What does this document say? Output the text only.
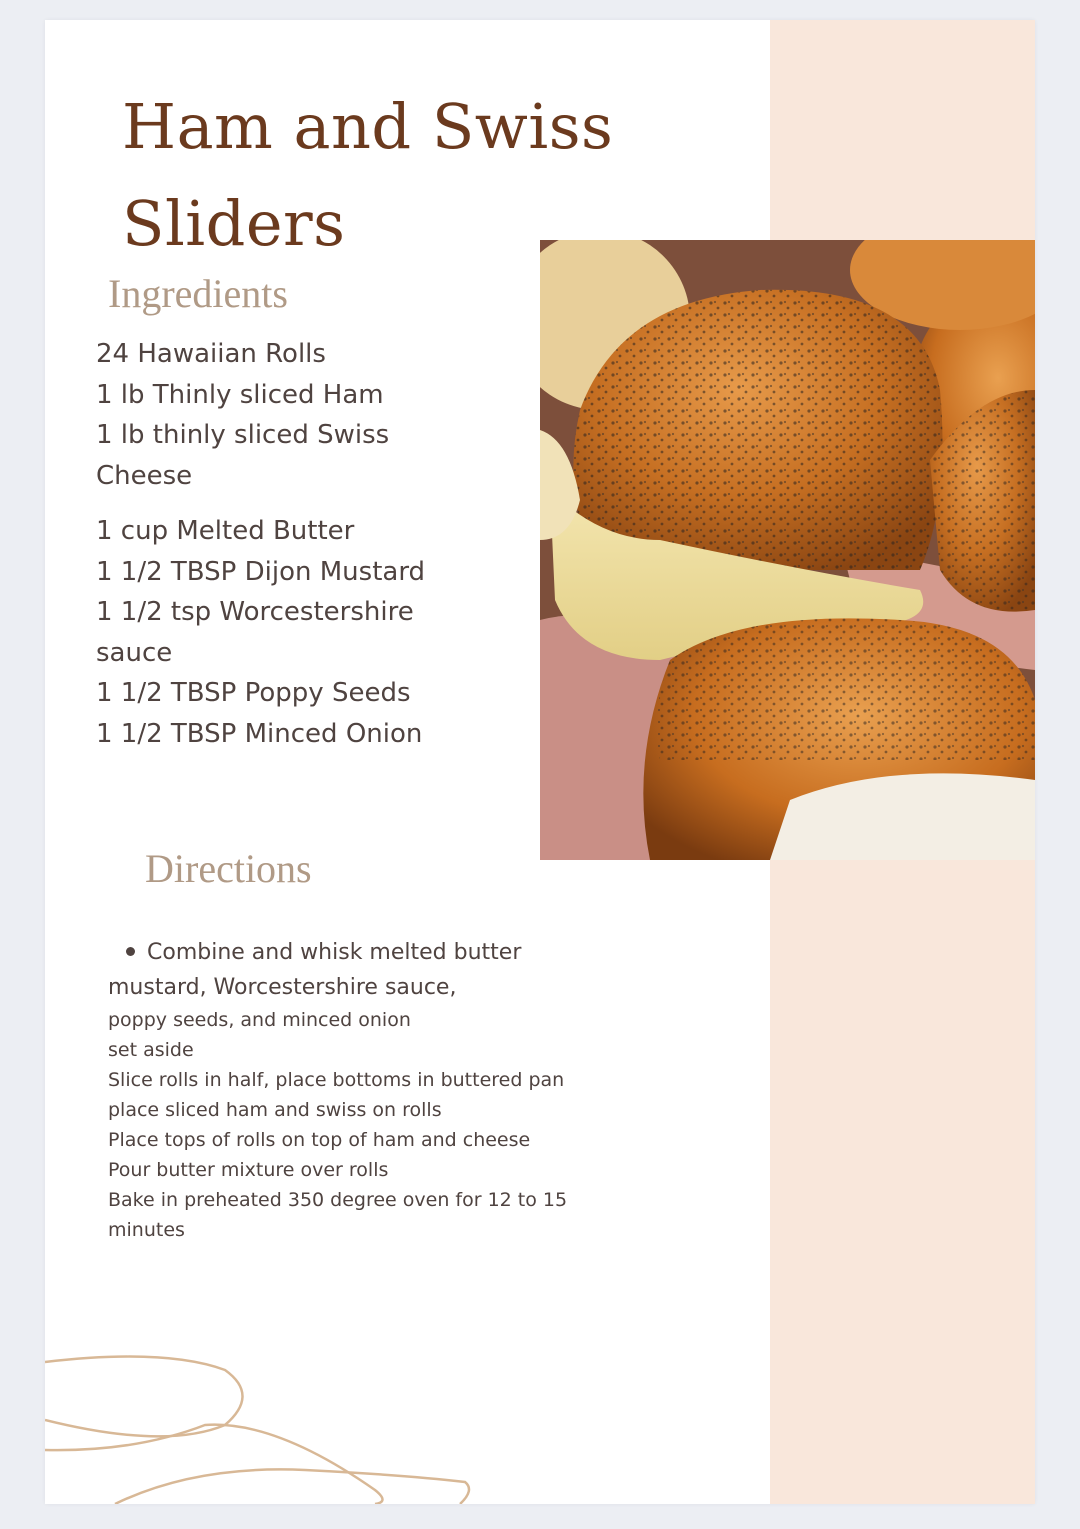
Ham and Swiss
Sliders
Ingredients
24 Hawaiian Rolls
1 lb Thinly sliced Ham
1 lb thinly sliced Swiss
Cheese
1 cup Melted Butter
1 1/2 TBSP Dijon Mustard
1 1/2 tsp Worcestershire
sauce
1 1/2 TBSP Poppy Seeds
1 1/2 TBSP Minced Onion
Directions
Combine and whisk melted butter
mustard, Worcestershire sauce,
poppy seeds, and minced onion
set aside
Slice rolls in half, place bottoms in buttered pan
place sliced ham and swiss on rolls
Place tops of rolls on top of ham and cheese
Pour butter mixture over rolls
Bake in preheated 350 degree oven for 12 to 15
minutes
